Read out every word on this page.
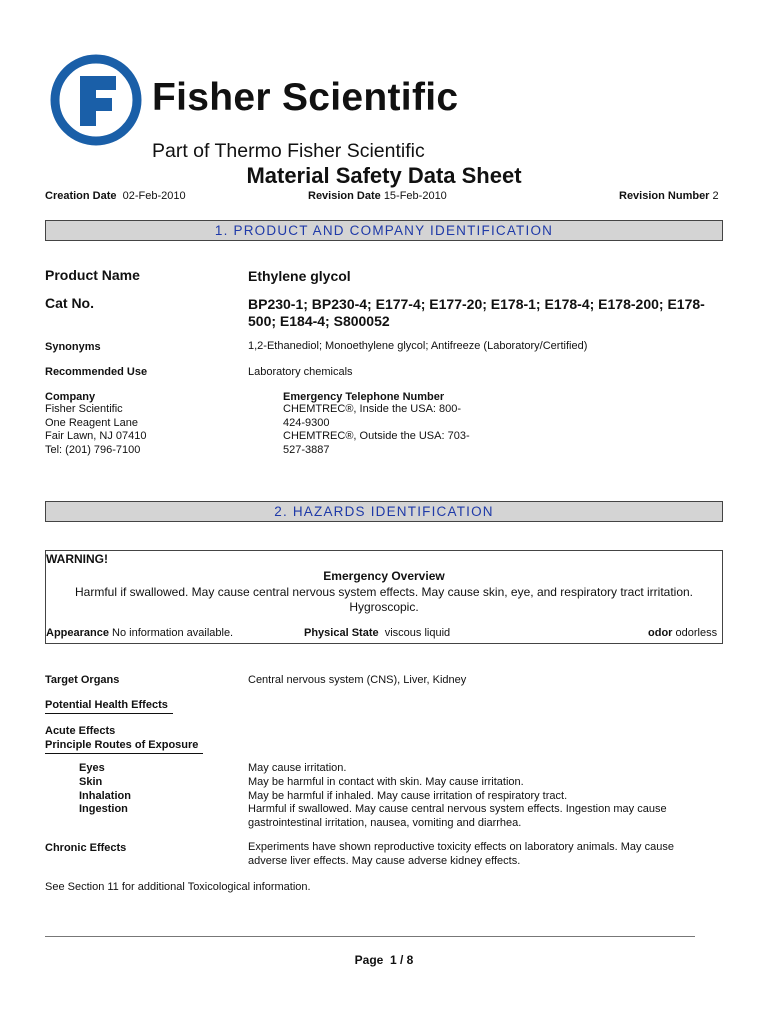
Fisher Scientific
Part of Thermo Fisher Scientific
Material Safety Data Sheet
Creation Date 02-Feb-2010	Revision Date 15-Feb-2010	Revision Number 2
1. PRODUCT AND COMPANY IDENTIFICATION
Product Name	Ethylene glycol
Cat No.	BP230-1; BP230-4; E177-4; E177-20; E178-1; E178-4; E178-200; E178-
500; E184-4; S800052
Synonyms	1,2-Ethanediol; Monoethylene glycol; Antifreeze (Laboratory/Certified)
Recommended Use	Laboratory chemicals
Company
Fisher Scientific
One Reagent Lane
Fair Lawn, NJ 07410
Tel: (201) 796-7100
Emergency Telephone Number
CHEMTREC®, Inside the USA: 800-
424-9300
CHEMTREC®, Outside the USA: 703-
527-3887
2. HAZARDS IDENTIFICATION
WARNING!
Emergency Overview
Harmful if swallowed. May cause central nervous system effects. May cause skin, eye, and respiratory tract irritation.
Hygroscopic.
Appearance No information available.	Physical State viscous liquid	odor odorless
Target Organs	Central nervous system (CNS), Liver, Kidney
Potential Health Effects
Acute Effects
Principle Routes of Exposure
Eyes	May cause irritation.
Skin	May be harmful in contact with skin. May cause irritation.
Inhalation	May be harmful if inhaled. May cause irritation of respiratory tract.
Ingestion	Harmful if swallowed. May cause central nervous system effects. Ingestion may cause
gastrointestinal irritation, nausea, vomiting and diarrhea.
Chronic Effects	Experiments have shown reproductive toxicity effects on laboratory animals. May cause
adverse liver effects. May cause adverse kidney effects.
See Section 11 for additional Toxicological information.
Page 1 / 8
